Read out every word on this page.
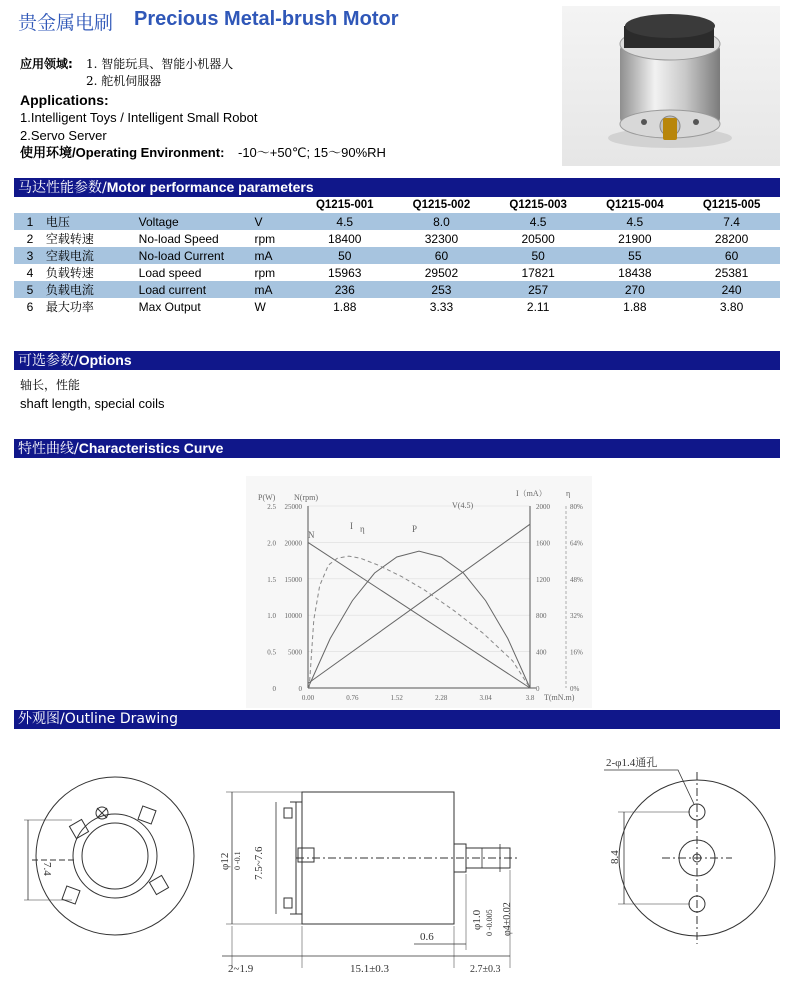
贵金属电刷 Precious Metal-brush Motor
应用领域: 1. 智能玩具、智能小机器人
2. 舵机伺服器
Applications:
1.Intelligent Toys / Intelligent Small Robot
2.Servo Server
使用环境/Operating Environment: -10～+50℃; 15～90%RH
马达性能参数/Motor performance parameters
				Q1215-001	Q1215-002	Q1215-003	Q1215-004	Q1215-005
1	电压	Voltage	V	4.5	8.0	4.5	4.5	7.4
2	空载转速	No-load Speed	rpm	18400	32300	20500	21900	28200
3	空载电流	No-load Current	mA	50	60	50	55	60
4	负载转速	Load speed	rpm	15963	29502	17821	18438	25381
5	负载电流	Load current	mA	236	253	257	270	240
6	最大功率	Max Output	W	1.88	3.33	2.11	1.88	3.80
可选参数/Options
轴长，性能
shaft length, special coils
特性曲线/Characteristics Curve
0	0	0	0%
0.5 5000	400	16%
1.0 10000	800	32%
1.5 15000	1200	48%
2.0 20000	1600	64%
2.5 25000	2000	80%
0.00	0.76	1.52	2.28	3.04	3.8
P(W) N(rpm)	I（mA） η
T(mN.m)
V(4.5)
N
I	P
η
外观图/Outline Drawing
7.4	φ12 0 -0.1 7.5~7.6
φ1.0 0 -0.005 φ4±0.02
0.6
2~1.9	15.1±0.3	2.7±0.3
2-φ1.4通孔
8.4
